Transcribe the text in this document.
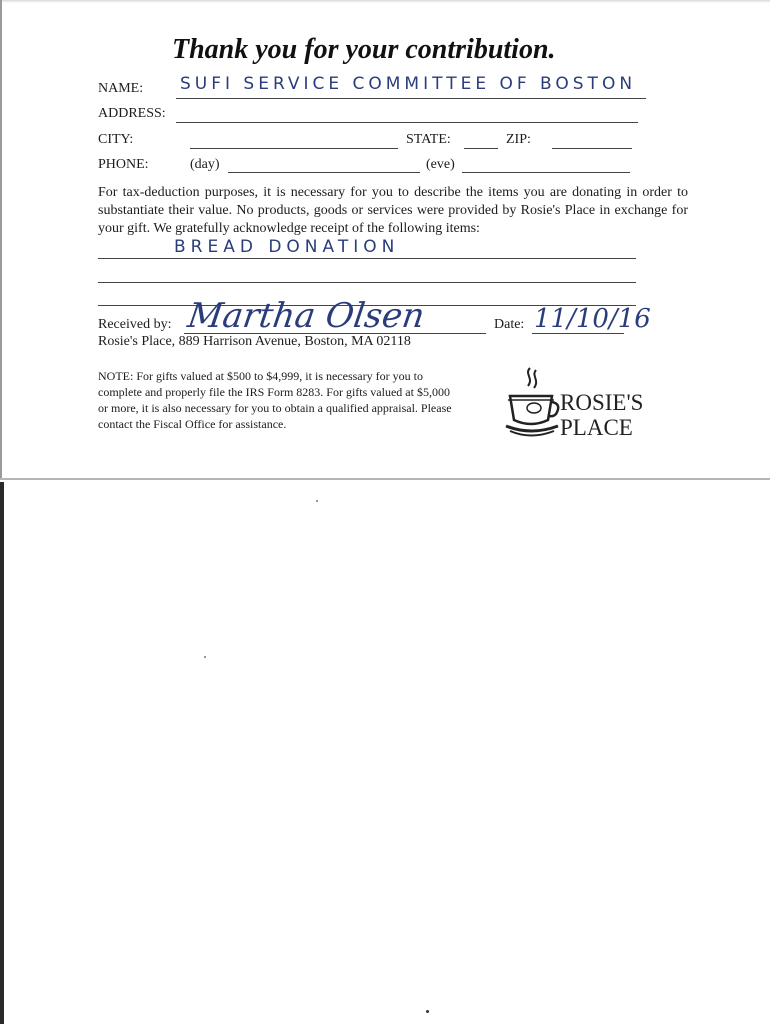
Thank you for your contribution.
NAME: SUFI SERVICE COMMITTEE OF BOSTON
ADDRESS:
CITY:	STATE:	ZIP:
PHONE:	(day)	(eve)
For tax-deduction purposes, it is necessary for you to describe the items you are donating in order to substantiate their value. No products, goods or services were provided by Rosie's Place in exchange for your gift. We gratefully acknowledge receipt of the following items:
BREAD DONATION
Received by: Martha Olsen	Date: 11/10/16
Rosie's Place, 889 Harrison Avenue, Boston, MA 02118
NOTE: For gifts valued at $500 to $4,999, it is necessary for you to complete and properly file the IRS Form 8283. For gifts valued at $5,000 or more, it is also necessary for you to obtain a qualified appraisal. Please contact the Fiscal Office for assistance.
ROSIE'S
PLACE
